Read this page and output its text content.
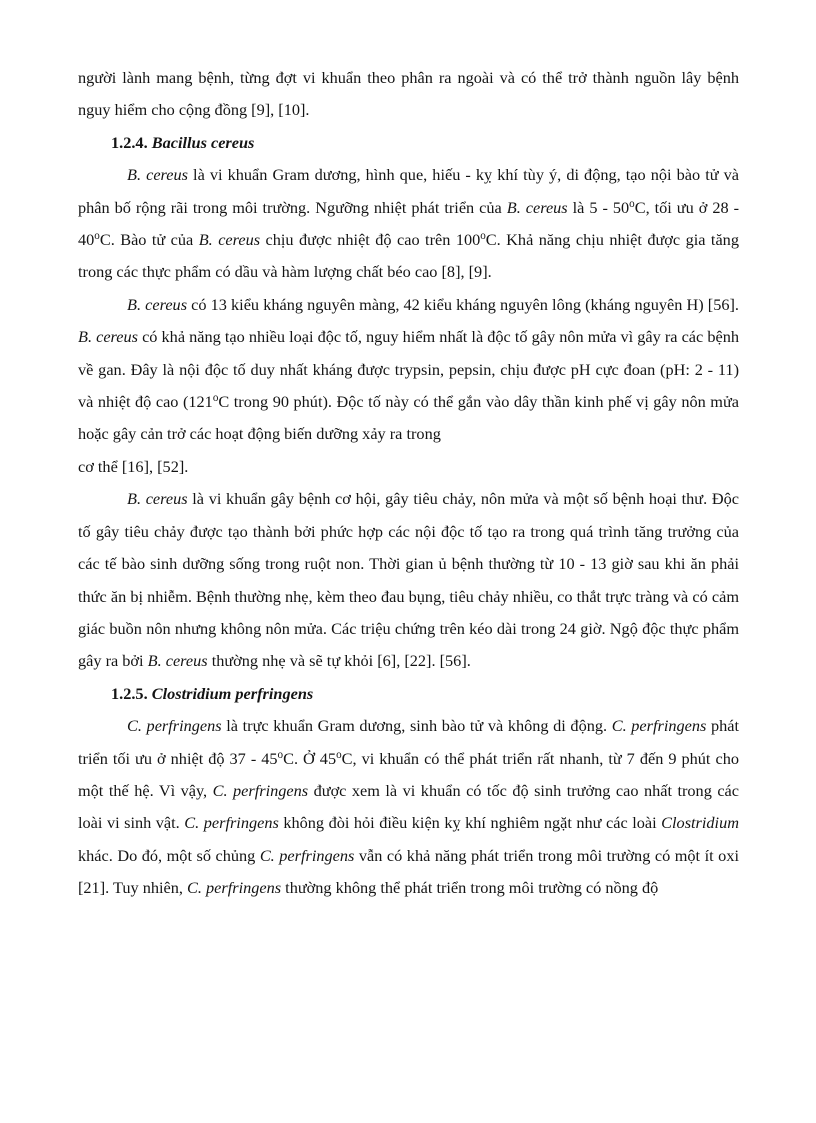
người lành mang bệnh, từng đợt vi khuẩn theo phân ra ngoài và có thể trở thành nguồn lây bệnh nguy hiểm cho cộng đồng [9], [10].

1.2.4. Bacillus cereus

B. cereus là vi khuẩn Gram dương, hình que, hiếu - kỵ khí tùy ý, di động, tạo nội bào tử và phân bố rộng rãi trong môi trường. Ngưỡng nhiệt phát triển của B. cereus là 5 - 50$^o$C, tối ưu ở 28 - 40$^o$C. Bào tử của B. cereus chịu được nhiệt độ cao trên 100$^o$C. Khả năng chịu nhiệt được gia tăng trong các thực phẩm có dầu và hàm lượng chất béo cao [8], [9].

B. cereus có 13 kiểu kháng nguyên màng, 42 kiểu kháng nguyên lông (kháng nguyên H) [56]. B. cereus có khả năng tạo nhiều loại độc tố, nguy hiểm nhất là độc tố gây nôn mửa vì gây ra các bệnh về gan. Đây là nội độc tố duy nhất kháng được trypsin, pepsin, chịu được pH cực đoan (pH: 2 - 11) và nhiệt độ cao (121$^o$C trong 90 phút). Độc tố này có thể gắn vào dây thần kinh phế vị gây nôn mửa hoặc gây cản trở các hoạt động biến dưỡng xảy ra trong
cơ thể [16], [52].

B. cereus là vi khuẩn gây bệnh cơ hội, gây tiêu chảy, nôn mửa và một số bệnh hoại thư. Độc tố gây tiêu chảy được tạo thành bởi phức hợp các nội độc tố tạo ra trong quá trình tăng trưởng của các tế bào sinh dưỡng sống trong ruột non. Thời gian ủ bệnh thường từ 10 - 13 giờ sau khi ăn phải thức ăn bị nhiễm. Bệnh thường nhẹ, kèm theo đau bụng, tiêu chảy nhiều, co thắt trực tràng và có cảm giác buồn nôn nhưng không nôn mửa. Các triệu chứng trên kéo dài trong 24 giờ. Ngộ độc thực phẩm gây ra bởi B. cereus thường nhẹ và sẽ tự khỏi [6], [22]. [56].

1.2.5. Clostridium perfringens

C. perfringens là trực khuẩn Gram dương, sinh bào tử và không di động. C. perfringens phát triển tối ưu ở nhiệt độ 37 - 45$^o$C. Ở 45$^o$C, vi khuẩn có thể phát triển rất nhanh, từ 7 đến 9 phút cho một thế hệ. Vì vậy, C. perfringens được xem là vi khuẩn có tốc độ sinh trưởng cao nhất trong các loài vi sinh vật. C. perfringens không đòi hỏi điều kiện kỵ khí nghiêm ngặt như các loài Clostridium khác. Do đó, một số chủng C. perfringens vẫn có khả năng phát triển trong môi trường có một ít oxi [21]. Tuy nhiên, C. perfringens thường không thể phát triển trong môi trường có nồng độ
